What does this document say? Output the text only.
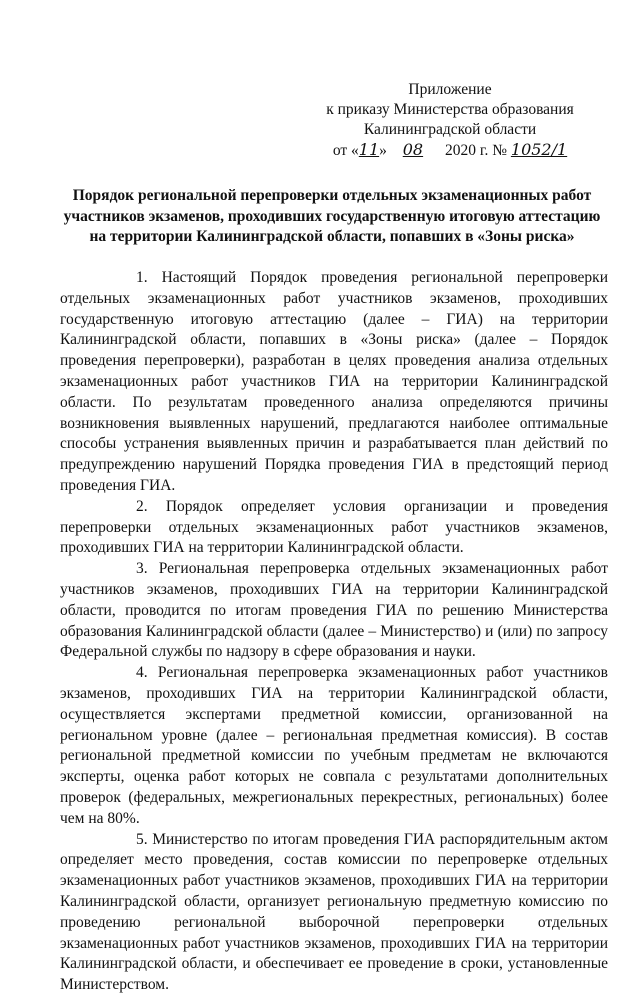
Приложение
к приказу Министерства образования
Калининградской области
от «11» 08 2020 г. № 1052/1
Порядок региональной перепроверки отдельных экзаменационных работ участников экзаменов, проходивших государственную итоговую аттестацию на территории Калининградской области, попавших в «Зоны риска»

1. Настоящий Порядок проведения региональной перепроверки отдельных экзаменационных работ участников экзаменов, проходивших государственную итоговую аттестацию (далее – ГИА) на территории Калининградской области, попавших в «Зоны риска» (далее – Порядок проведения перепроверки), разработан в целях проведения анализа отдельных экзаменационных работ участников ГИА на территории Калининградской области. По результатам проведенного анализа определяются причины возникновения выявленных нарушений, предлагаются наиболее оптимальные способы устранения выявленных причин и разрабатывается план действий по предупреждению нарушений Порядка проведения ГИА в предстоящий период проведения ГИА.

2. Порядок определяет условия организации и проведения перепроверки отдельных экзаменационных работ участников экзаменов, проходивших ГИА на территории Калининградской области.

3. Региональная перепроверка отдельных экзаменационных работ участников экзаменов, проходивших ГИА на территории Калининградской области, проводится по итогам проведения ГИА по решению Министерства образования Калининградской области (далее – Министерство) и (или) по запросу Федеральной службы по надзору в сфере образования и науки.

4. Региональная перепроверка экзаменационных работ участников экзаменов, проходивших ГИА на территории Калининградской области, осуществляется экспертами предметной комиссии, организованной на региональном уровне (далее – региональная предметная комиссия). В состав региональной предметной комиссии по учебным предметам не включаются эксперты, оценка работ которых не совпала с результатами дополнительных проверок (федеральных, межрегиональных перекрестных, региональных) более чем на 80%.

5. Министерство по итогам проведения ГИА распорядительным актом определяет место проведения, состав комиссии по перепроверке отдельных экзаменационных работ участников экзаменов, проходивших ГИА на территории Калининградской области, организует региональную предметную комиссию по проведению региональной выборочной перепроверки отдельных экзаменационных работ участников экзаменов, проходивших ГИА на территории Калининградской области, и обеспечивает ее проведение в сроки, установленные Министерством.
